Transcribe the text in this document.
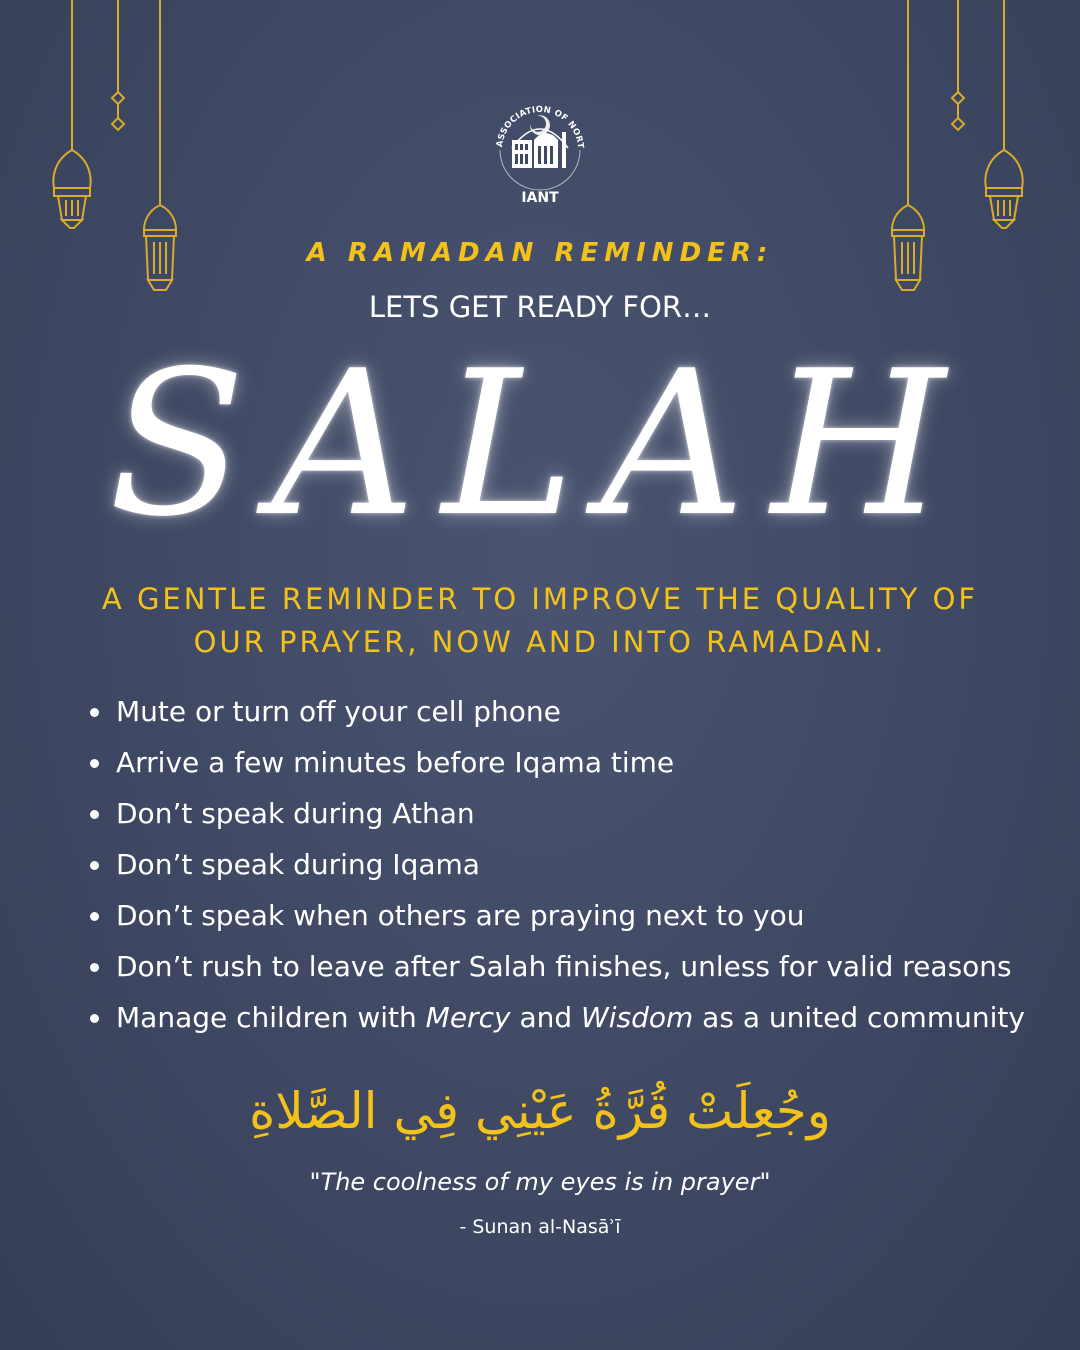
ASSOCIATION OF NORT
IANT
A RAMADAN REMINDER:
LETS GET READY FOR…
SALAH
A GENTLE REMINDER TO IMPROVE THE QUALITY OF OUR PRAYER, NOW AND INTO RAMADAN.
Mute or turn off your cell phone
Arrive a few minutes before Iqama time
Don’t speak during Athan
Don’t speak during Iqama
Don’t speak when others are praying next to you
Don’t rush to leave after Salah finishes, unless for valid reasons
Manage children with Mercy and Wisdom as a united community
وجُعِلَتْ قُرَّةُ عَيْنِي فِي الصَّلاةِ
"The coolness of my eyes is in prayer"
- Sunan al-Nasāʾī
